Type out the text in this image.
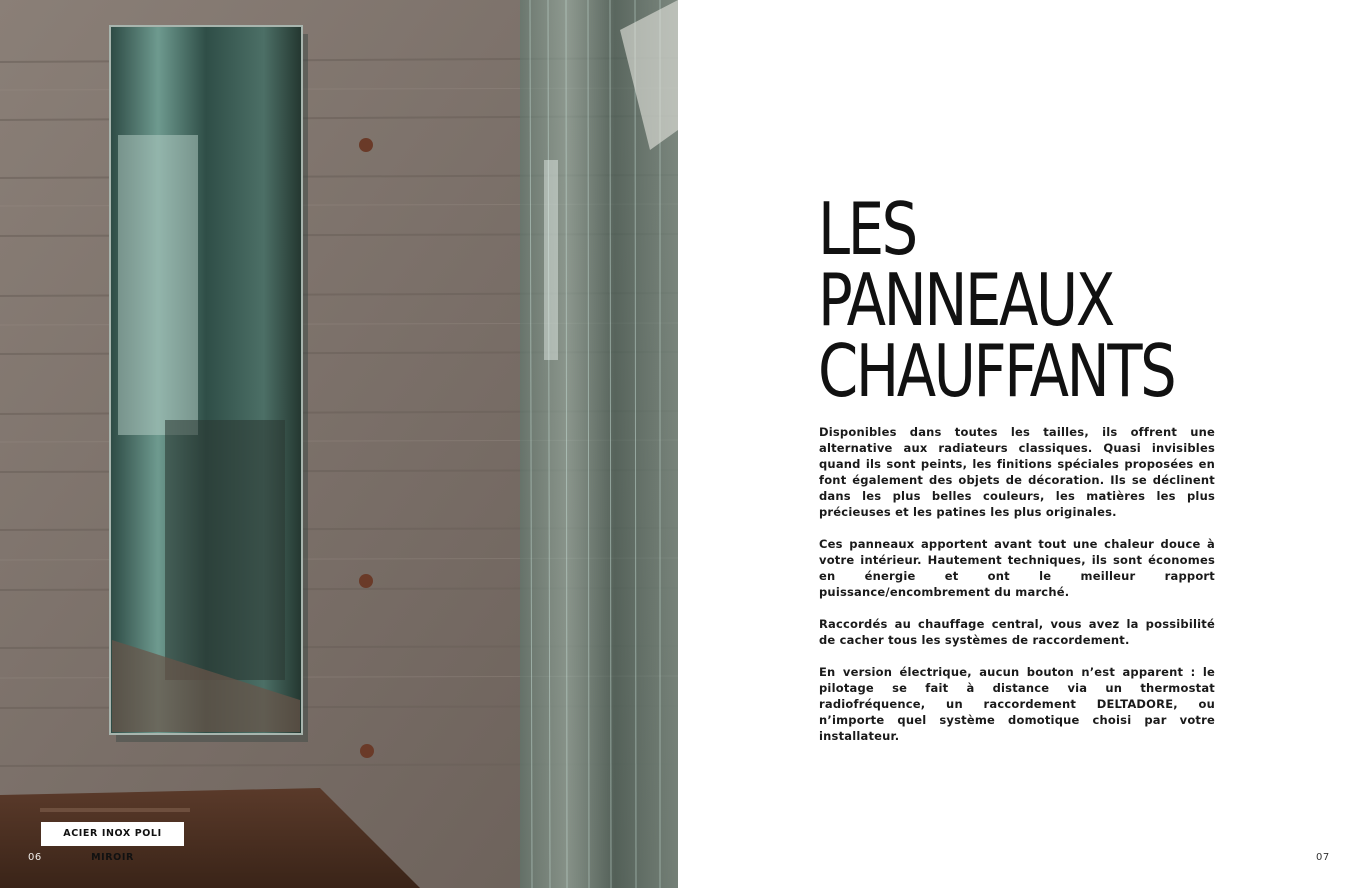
ACIER INOX POLI MIROIR
06
LES
PANNEAUX
CHAUFFANTS

Disponibles dans toutes les tailles, ils offrent une alternative aux radiateurs classiques. Quasi invisibles quand ils sont peints, les finitions spéciales proposées en font également des objets de décoration. Ils se déclinent dans les plus belles couleurs, les matières les plus précieuses et les patines les plus originales.

Ces panneaux apportent avant tout une chaleur douce à votre intérieur. Hautement techniques, ils sont économes en énergie et ont le meilleur rapport puissance/encombrement du marché.

Raccordés au chauffage central, vous avez la possibilité de cacher tous les systèmes de raccordement.

En version électrique, aucun bouton n’est apparent : le pilotage se fait à distance via un thermostat radiofréquence, un raccordement DELTADORE, ou n’importe quel système domotique choisi par votre installateur.

07
